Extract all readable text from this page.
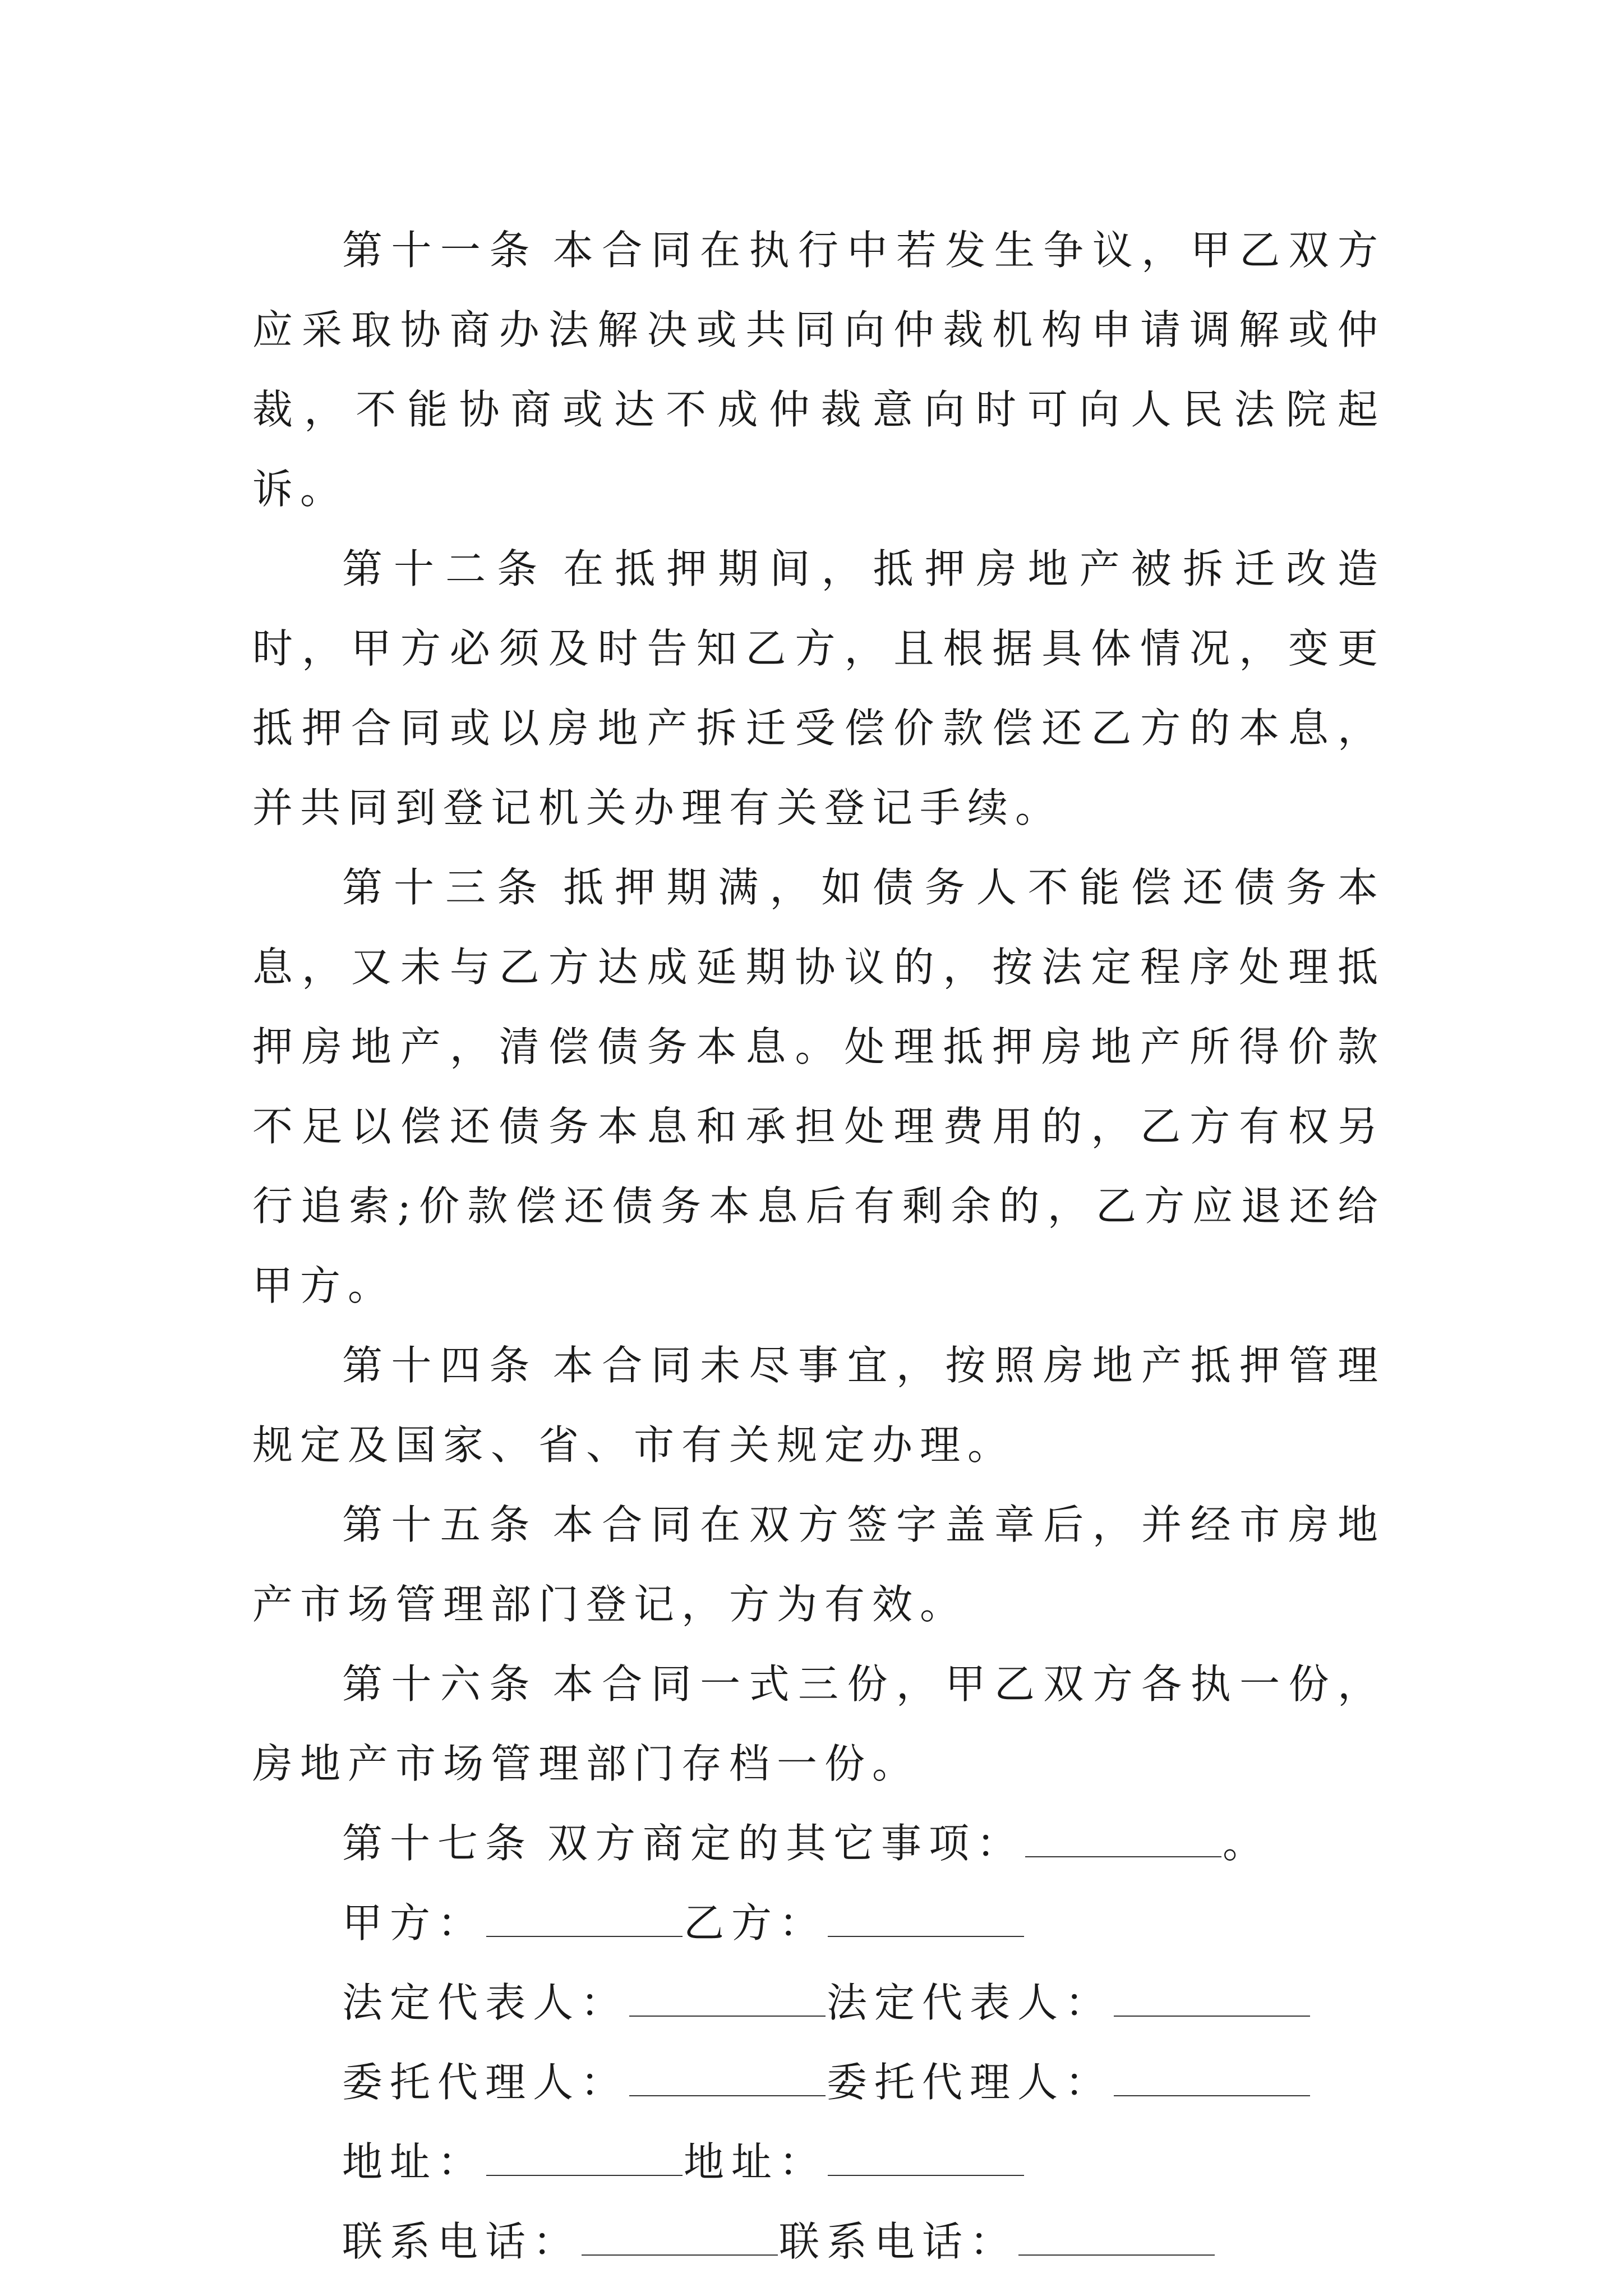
第十一条 本合同在执行中若发生争议，甲乙双方应采取协商办法解决或共同向仲裁机构申请调解或仲裁，不能协商或达不成仲裁意向时可向人民法院起诉。

第十二条 在抵押期间，抵押房地产被拆迁改造时，甲方必须及时告知乙方，且根据具体情况，变更抵押合同或以房地产拆迁受偿价款偿还乙方的本息，并共同到登记机关办理有关登记手续。

第十三条 抵押期满，如债务人不能偿还债务本息，又未与乙方达成延期协议的，按法定程序处理抵押房地产，清偿债务本息。处理抵押房地产所得价款不足以偿还债务本息和承担处理费用的，乙方有权另行追索;价款偿还债务本息后有剩余的，乙方应退还给甲方。

第十四条 本合同未尽事宜，按照房地产抵押管理规定及国家、省、市有关规定办理。

第十五条 本合同在双方签字盖章后，并经市房地产市场管理部门登记，方为有效。

第十六条 本合同一式三份，甲乙双方各执一份，房地产市场管理部门存档一份。

第十七条 双方商定的其它事项：	。

甲方：	乙方：

法定代表人：	法定代表人：

委托代理人：	委托代理人：

地址：	地址：

联系电话：	联系电话：
